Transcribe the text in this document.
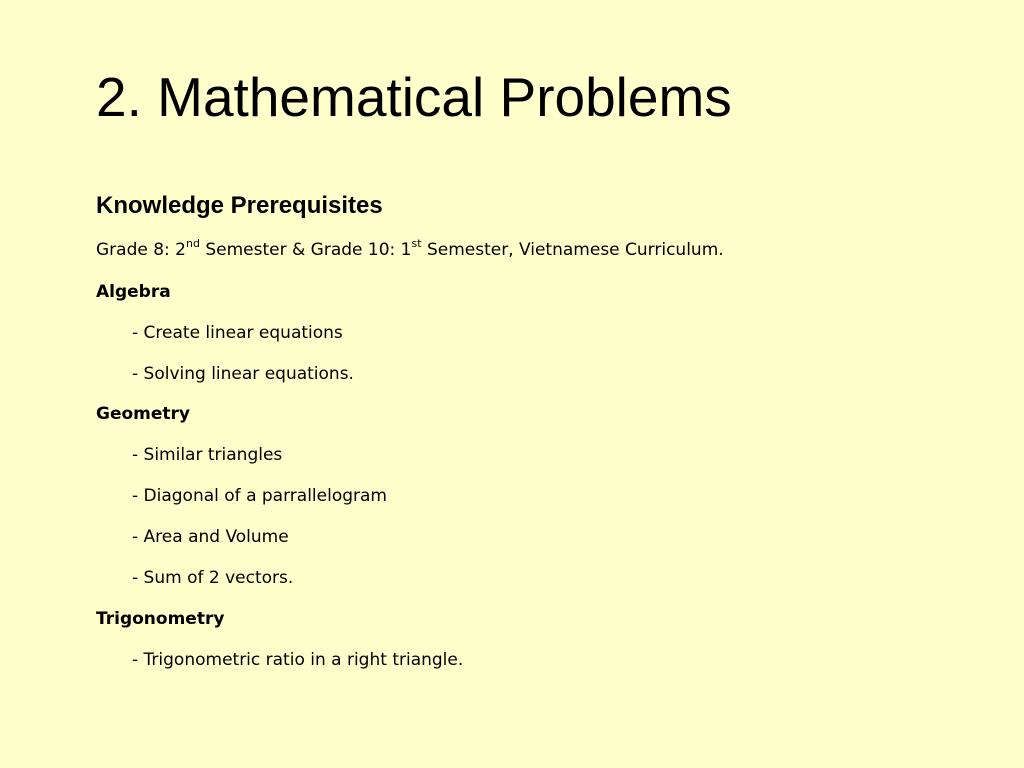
2. Mathematical Problems
Knowledge Prerequisites
Grade 8: 2nd Semester & Grade 10: 1st Semester, Vietnamese Curriculum.
Algebra
- Create linear equations
- Solving linear equations.
Geometry
- Similar triangles
- Diagonal of a parrallelogram
- Area and Volume
- Sum of 2 vectors.
Trigonometry
- Trigonometric ratio in a right triangle.
